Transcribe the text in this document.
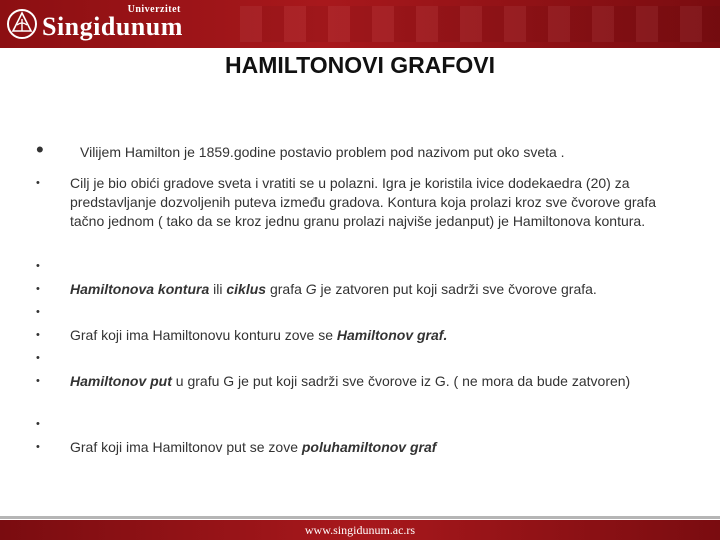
Singidunum
Univerzitet
HAMILTONOVI GRAFOVI
•	Vilijem Hamilton je 1859.godine postavio problem pod nazivom put oko sveta .
• Cilj je bio obići gradove sveta i vratiti se u polazni. Igra je koristila ivice dodekaedra (20) za predstavljanje dozvoljenih puteva između gradova. Kontura koja prolazi kroz sve čvorove grafa tačno jednom ( tako da se kroz jednu granu prolazi najviše jedanput) je Hamiltonova kontura.
•
• Hamiltonova kontura ili ciklus grafa G je zatvoren put koji sadrži sve čvorove grafa.
•
• Graf koji ima Hamiltonovu konturu zove se Hamiltonov graf.
•
• Hamiltonov put u grafu G je put koji sadrži sve čvorove iz G. ( ne mora da bude zatvoren)
•
• Graf koji ima Hamiltonov put se zove poluhamiltonov graf
www.singidunum.ac.rs
